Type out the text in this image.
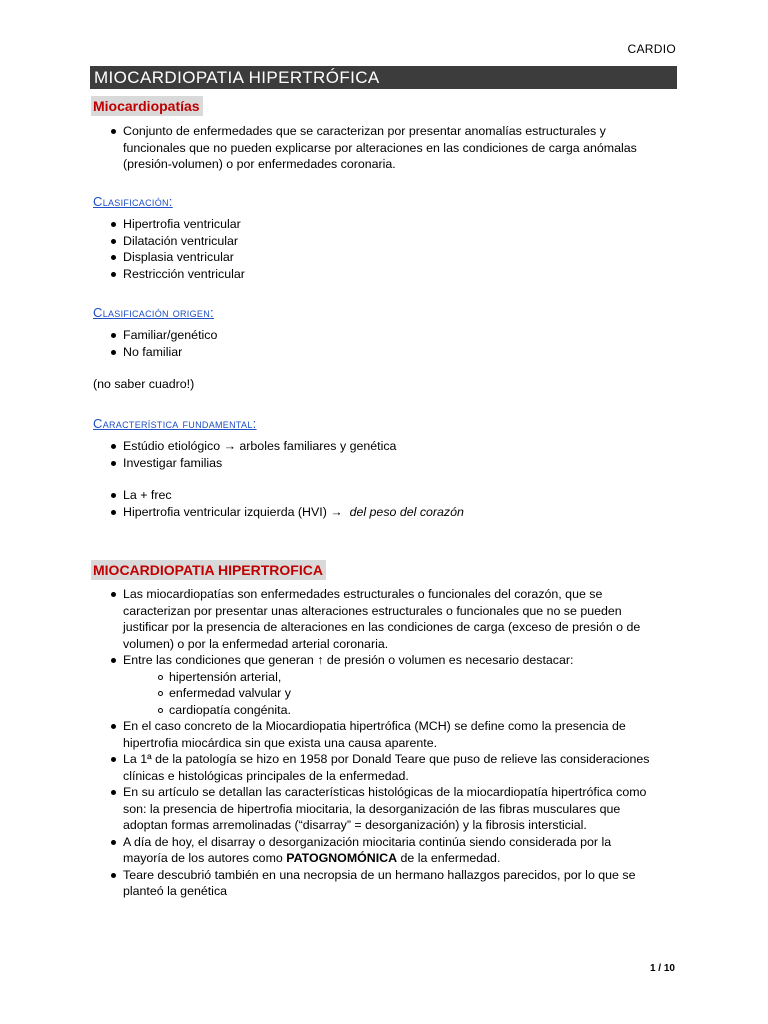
CARDIO
MIOCARDIOPATIA HIPERTRÓFICA
Miocardiopatías
Conjunto de enfermedades que se caracterizan por presentar anomalías estructurales y
funcionales que no pueden explicarse por alteraciones en las condiciones de carga anómalas
(presión-volumen) o por enfermedades coronaria.
Clasificación:
Hipertrofia ventricular
Dilatación ventricular
Displasia ventricular
Restricción ventricular
Clasificación origen:
Familiar/genético
No familiar
(no saber cuadro!)
Característica fundamental:
Estúdio etiológico → arboles familiares y genética
Investigar familias
La + frec
Hipertrofia ventricular izquierda (HVI) → del peso del corazón
MIOCARDIOPATIA HIPERTROFICA
Las miocardiopatías son enfermedades estructurales o funcionales del corazón, que se
caracterizan por presentar unas alteraciones estructurales o funcionales que no se pueden
justificar por la presencia de alteraciones en las condiciones de carga (exceso de presión o de
volumen) o por la enfermedad arterial coronaria.
Entre las condiciones que generan ↑ de presión o volumen es necesario destacar:
hipertensión arterial,
enfermedad valvular y
cardiopatía congénita.
En el caso concreto de la Miocardiopatia hipertrófica (MCH) se define como la presencia de
hipertrofia miocárdica sin que exista una causa aparente.
La 1ª de la patología se hizo en 1958 por Donald Teare que puso de relieve las consideraciones
clínicas e histológicas principales de la enfermedad.
En su artículo se detallan las características histológicas de la miocardiopatía hipertrófica como
son: la presencia de hipertrofia miocitaria, la desorganización de las fibras musculares que
adoptan formas arremolinadas (“disarray” = desorganización) y la fibrosis intersticial.
A día de hoy, el disarray o desorganización miocitaria continúa siendo considerada por la
mayoría de los autores como PATOGNOMÓNICA de la enfermedad.
Teare descubrió también en una necropsia de un hermano hallazgos parecidos, por lo que se
planteó la genética
1 / 10
